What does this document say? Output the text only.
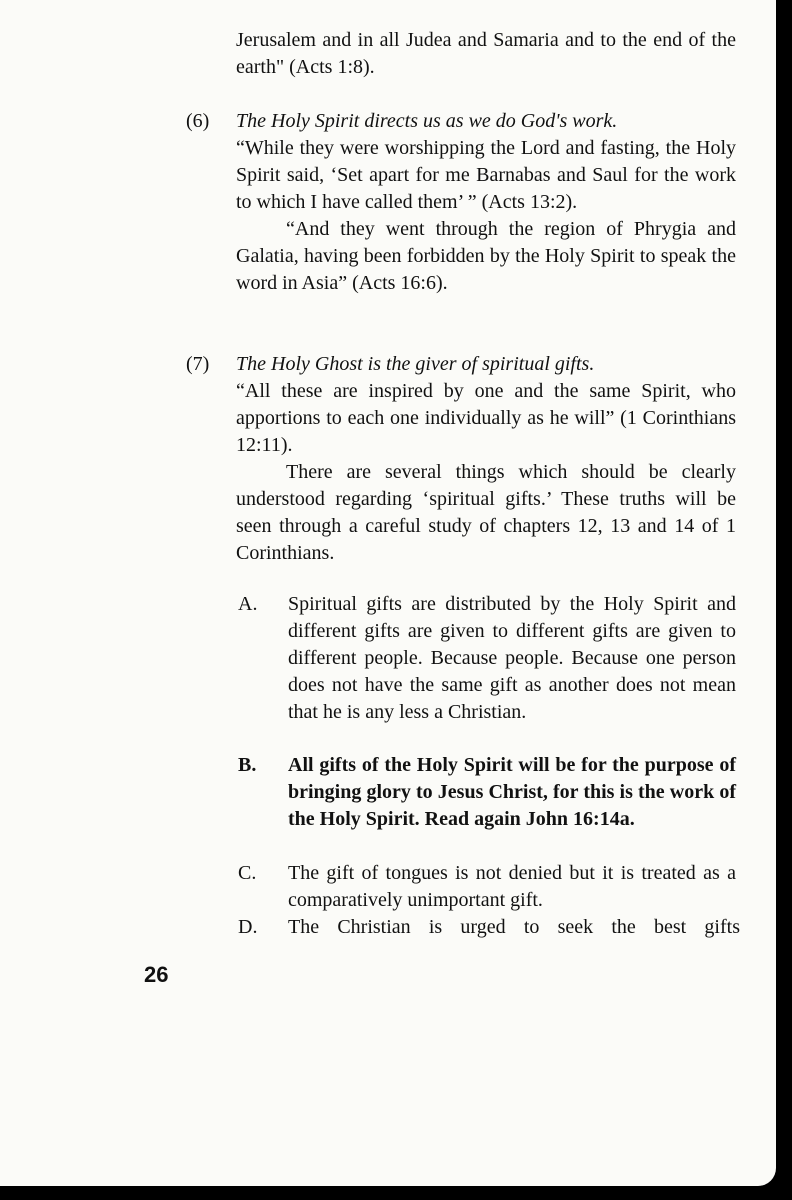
Jerusalem and in all Judea and Samaria and to the end of the earth" (Acts 1:8).

(6) The Holy Spirit directs us as we do God's work.

“While they were worshipping the Lord and fasting, the Holy Spirit said, ‘Set apart for me Barnabas and Saul for the work to which I have called them’ ” (Acts 13:2).

“And they went through the region of Phrygia and Galatia, having been forbidden by the Holy Spirit to speak the word in Asia” (Acts 16:6).

(7) The Holy Ghost is the giver of spiritual gifts.

“All these are inspired by one and the same Spirit, who apportions to each one individually as he will” (1 Corinthians 12:11).

There are several things which should be clearly understood regarding ‘spiritual gifts.’ These truths will be seen through a careful study of chapters 12, 13 and 14 of 1 Corinthians.

A. Spiritual gifts are distributed by the Holy Spirit and different gifts are given to different gifts are given to different people. Because people. Because one person does not have the same gift as another does not mean that he is any less a Christian.
B. All gifts of the Holy Spirit will be for the purpose of bringing glory to Jesus Christ, for this is the work of the Holy Spirit. Read again John 16:14a.
C. The gift of tongues is not denied but it is treated as a comparatively unimportant gift.
D. The Christian is urged to seek the best gifts
26
